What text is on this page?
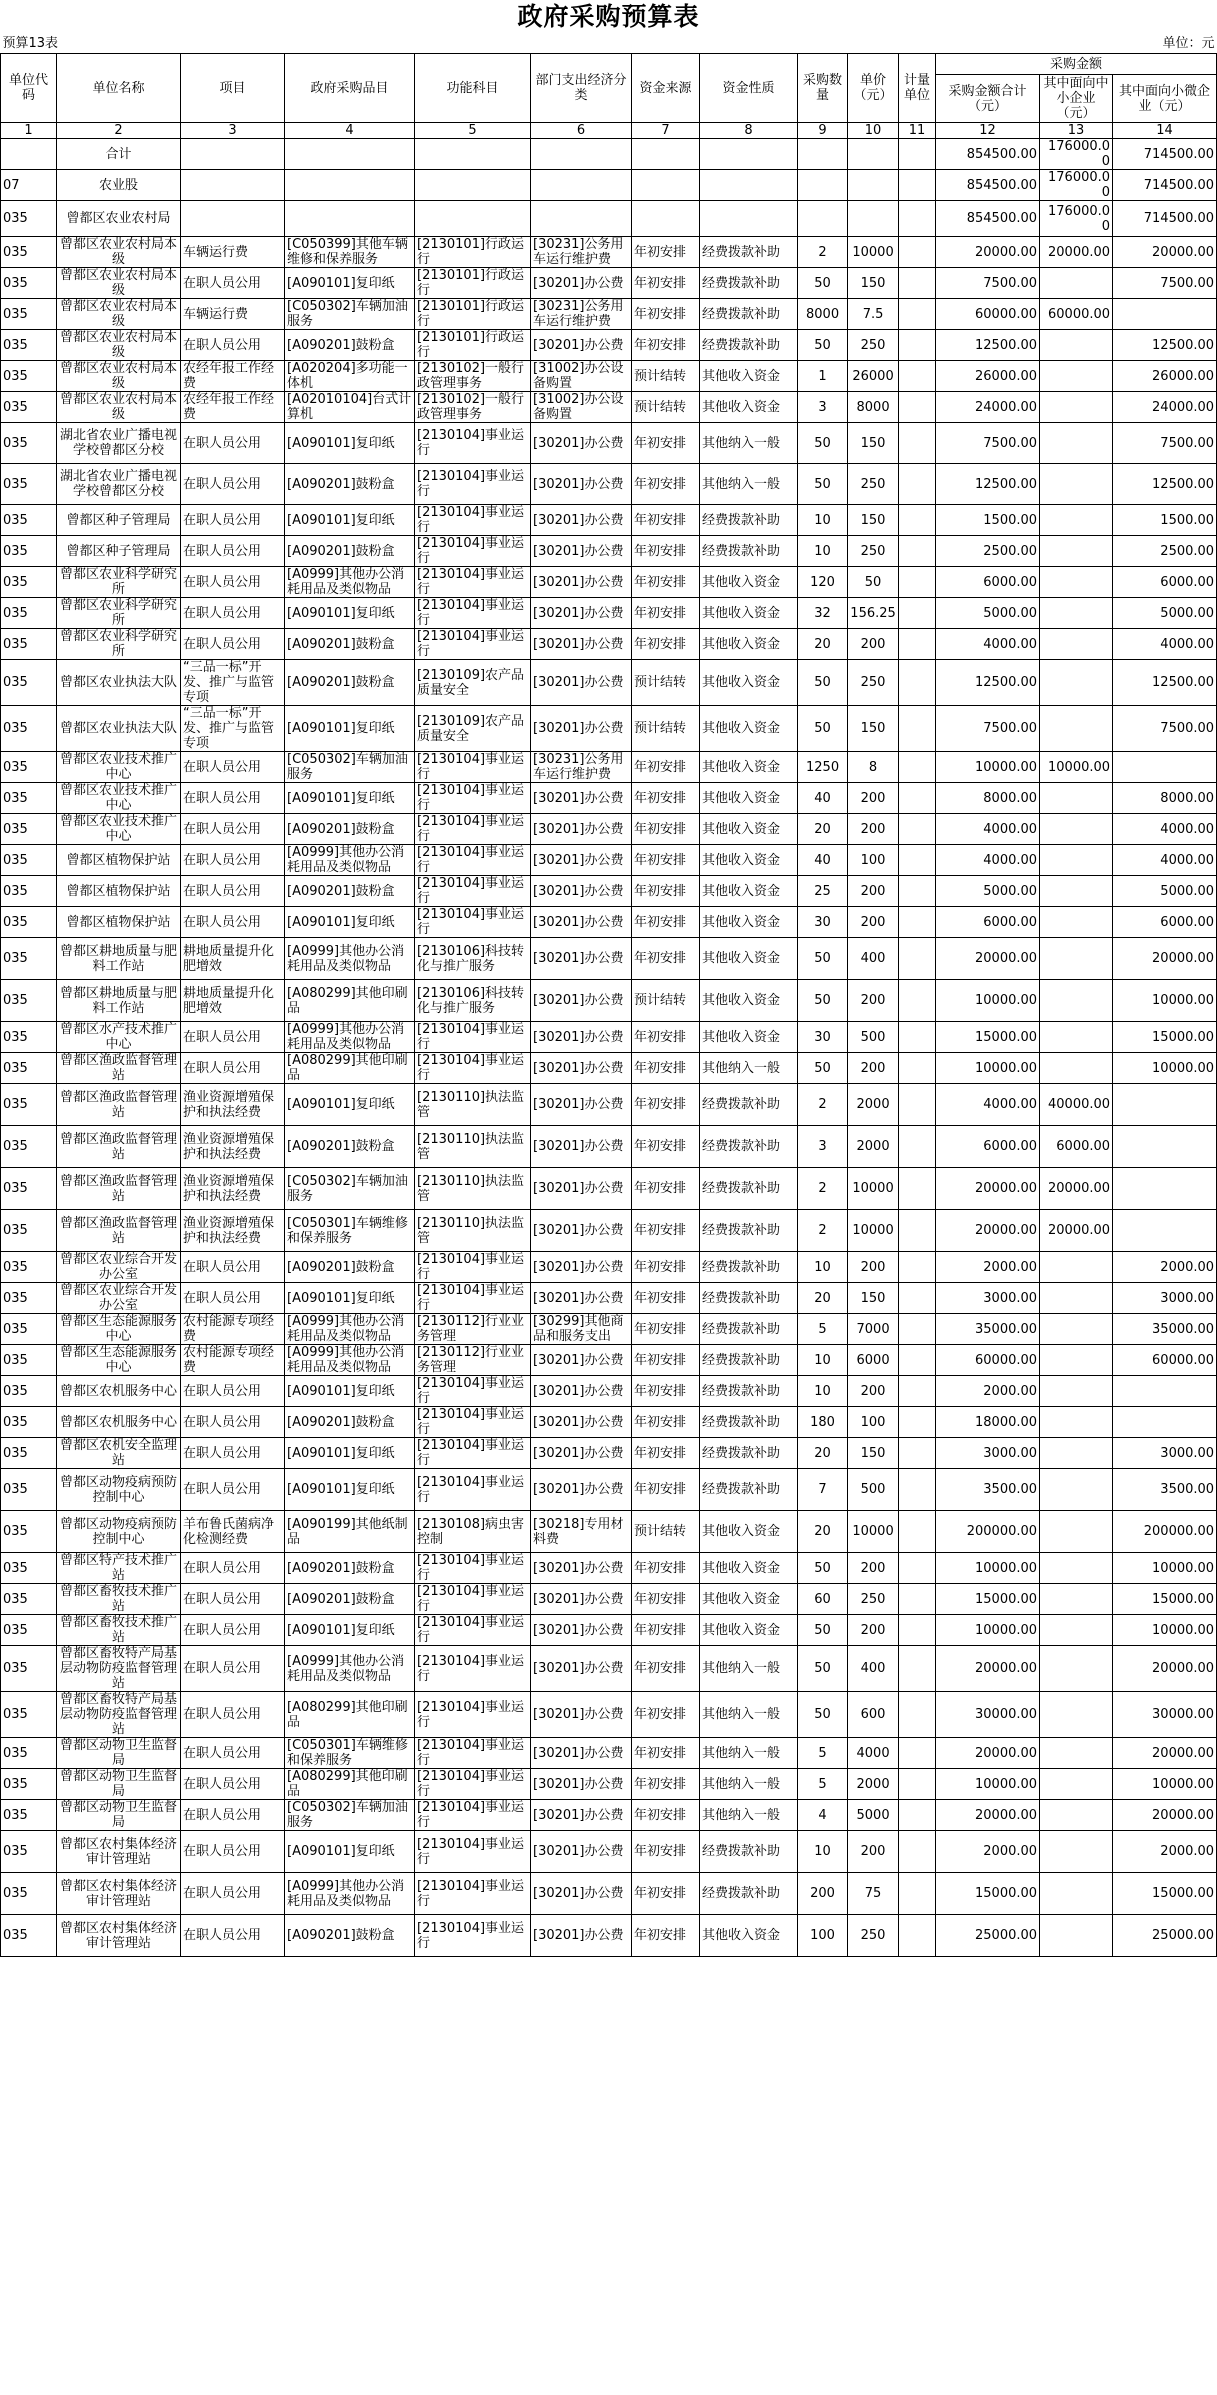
政府采购预算表
预算13表							单位：元						
单位代码	单位名称	项目	政府采购品目	功能科目	部门支出经济分类	资金来源	资金性质	采购数量	单价（元）	计量单位	采购金额		
											采购金额合计（元）	其中面向中小企业（元）	其中面向小微企业（元）
1	2	3	4	5	6	7	8	9	10	11	12	13	14
	合计										854500.00	176000.00	714500.00
07	农业股										854500.00	176000.00	714500.00
035	曾都区农业农村局										854500.00	176000.00	714500.00
035	曾都区农业农村局本级	车辆运行费	[C050399]其他车辆维修和保养服务	[2130101]行政运行	[30231]公务用车运行维护费	年初安排	经费拨款补助	2	10000		20000.00	20000.00	20000.00
035	曾都区农业农村局本级	在职人员公用	[A090101]复印纸	[2130101]行政运行	[30201]办公费	年初安排	经费拨款补助	50	150		7500.00		7500.00
035	曾都区农业农村局本级	车辆运行费	[C050302]车辆加油服务	[2130101]行政运行	[30231]公务用车运行维护费	年初安排	经费拨款补助	8000	7.5		60000.00	60000.00	
035	曾都区农业农村局本级	在职人员公用	[A090201]鼓粉盒	[2130101]行政运行	[30201]办公费	年初安排	经费拨款补助	50	250		12500.00		12500.00
035	曾都区农业农村局本级	农经年报工作经费	[A020204]多功能一体机	[2130102]一般行政管理事务	[31002]办公设备购置	预计结转	其他收入资金	1	26000		26000.00		26000.00
035	曾都区农业农村局本级	农经年报工作经费	[A02010104]台式计算机	[2130102]一般行政管理事务	[31002]办公设备购置	预计结转	其他收入资金	3	8000		24000.00		24000.00
035	湖北省农业广播电视学校曾都区分校	在职人员公用	[A090101]复印纸	[2130104]事业运行	[30201]办公费	年初安排	其他纳入一般	50	150		7500.00		7500.00
035	湖北省农业广播电视学校曾都区分校	在职人员公用	[A090201]鼓粉盒	[2130104]事业运行	[30201]办公费	年初安排	其他纳入一般	50	250		12500.00		12500.00
035	曾都区种子管理局	在职人员公用	[A090101]复印纸	[2130104]事业运行	[30201]办公费	年初安排	经费拨款补助	10	150		1500.00		1500.00
035	曾都区种子管理局	在职人员公用	[A090201]鼓粉盒	[2130104]事业运行	[30201]办公费	年初安排	经费拨款补助	10	250		2500.00		2500.00
035	曾都区农业科学研究所	在职人员公用	[A0999]其他办公消耗用品及类似物品	[2130104]事业运行	[30201]办公费	年初安排	其他收入资金	120	50		6000.00		6000.00
035	曾都区农业科学研究所	在职人员公用	[A090101]复印纸	[2130104]事业运行	[30201]办公费	年初安排	其他收入资金	32	156.25		5000.00		5000.00
035	曾都区农业科学研究所	在职人员公用	[A090201]鼓粉盒	[2130104]事业运行	[30201]办公费	年初安排	其他收入资金	20	200		4000.00		4000.00
035	曾都区农业执法大队	“三品一标”开发、推广与监管专项	[A090201]鼓粉盒	[2130109]农产品质量安全	[30201]办公费	预计结转	其他收入资金	50	250		12500.00		12500.00
035	曾都区农业执法大队	“三品一标”开发、推广与监管专项	[A090101]复印纸	[2130109]农产品质量安全	[30201]办公费	预计结转	其他收入资金	50	150		7500.00		7500.00
035	曾都区农业技术推广中心	在职人员公用	[C050302]车辆加油服务	[2130104]事业运行	[30231]公务用车运行维护费	年初安排	其他收入资金	1250	8		10000.00	10000.00	
035	曾都区农业技术推广中心	在职人员公用	[A090101]复印纸	[2130104]事业运行	[30201]办公费	年初安排	其他收入资金	40	200		8000.00		8000.00
035	曾都区农业技术推广中心	在职人员公用	[A090201]鼓粉盒	[2130104]事业运行	[30201]办公费	年初安排	其他收入资金	20	200		4000.00		4000.00
035	曾都区植物保护站	在职人员公用	[A0999]其他办公消耗用品及类似物品	[2130104]事业运行	[30201]办公费	年初安排	其他收入资金	40	100		4000.00		4000.00
035	曾都区植物保护站	在职人员公用	[A090201]鼓粉盒	[2130104]事业运行	[30201]办公费	年初安排	其他收入资金	25	200		5000.00		5000.00
035	曾都区植物保护站	在职人员公用	[A090101]复印纸	[2130104]事业运行	[30201]办公费	年初安排	其他收入资金	30	200		6000.00		6000.00
035	曾都区耕地质量与肥料工作站	耕地质量提升化肥增效	[A0999]其他办公消耗用品及类似物品	[2130106]科技转化与推广服务	[30201]办公费	年初安排	其他收入资金	50	400		20000.00		20000.00
035	曾都区耕地质量与肥料工作站	耕地质量提升化肥增效	[A080299]其他印刷品	[2130106]科技转化与推广服务	[30201]办公费	预计结转	其他收入资金	50	200		10000.00		10000.00
035	曾都区水产技术推广中心	在职人员公用	[A0999]其他办公消耗用品及类似物品	[2130104]事业运行	[30201]办公费	年初安排	其他收入资金	30	500		15000.00		15000.00
035	曾都区渔政监督管理站	在职人员公用	[A080299]其他印刷品	[2130104]事业运行	[30201]办公费	年初安排	其他纳入一般	50	200		10000.00		10000.00
035	曾都区渔政监督管理站	渔业资源增殖保护和执法经费	[A090101]复印纸	[2130110]执法监管	[30201]办公费	年初安排	经费拨款补助	2	2000		4000.00	40000.00	
035	曾都区渔政监督管理站	渔业资源增殖保护和执法经费	[A090201]鼓粉盒	[2130110]执法监管	[30201]办公费	年初安排	经费拨款补助	3	2000		6000.00	6000.00	
035	曾都区渔政监督管理站	渔业资源增殖保护和执法经费	[C050302]车辆加油服务	[2130110]执法监管	[30201]办公费	年初安排	经费拨款补助	2	10000		20000.00	20000.00	
035	曾都区渔政监督管理站	渔业资源增殖保护和执法经费	[C050301]车辆维修和保养服务	[2130110]执法监管	[30201]办公费	年初安排	经费拨款补助	2	10000		20000.00	20000.00	
035	曾都区农业综合开发办公室	在职人员公用	[A090201]鼓粉盒	[2130104]事业运行	[30201]办公费	年初安排	经费拨款补助	10	200		2000.00		2000.00
035	曾都区农业综合开发办公室	在职人员公用	[A090101]复印纸	[2130104]事业运行	[30201]办公费	年初安排	经费拨款补助	20	150		3000.00		3000.00
035	曾都区生态能源服务中心	农村能源专项经费	[A0999]其他办公消耗用品及类似物品	[2130112]行业业务管理	[30299]其他商品和服务支出	年初安排	经费拨款补助	5	7000		35000.00		35000.00
035	曾都区生态能源服务中心	农村能源专项经费	[A0999]其他办公消耗用品及类似物品	[2130112]行业业务管理	[30201]办公费	年初安排	经费拨款补助	10	6000		60000.00		60000.00
035	曾都区农机服务中心	在职人员公用	[A090101]复印纸	[2130104]事业运行	[30201]办公费	年初安排	经费拨款补助	10	200		2000.00		
035	曾都区农机服务中心	在职人员公用	[A090201]鼓粉盒	[2130104]事业运行	[30201]办公费	年初安排	经费拨款补助	180	100		18000.00		
035	曾都区农机安全监理站	在职人员公用	[A090101]复印纸	[2130104]事业运行	[30201]办公费	年初安排	经费拨款补助	20	150		3000.00		3000.00
035	曾都区动物疫病预防控制中心	在职人员公用	[A090101]复印纸	[2130104]事业运行	[30201]办公费	年初安排	经费拨款补助	7	500		3500.00		3500.00
035	曾都区动物疫病预防控制中心	羊布鲁氏菌病净化检测经费	[A090199]其他纸制品	[2130108]病虫害控制	[30218]专用材料费	预计结转	其他收入资金	20	10000		200000.00		200000.00
035	曾都区特产技术推广站	在职人员公用	[A090201]鼓粉盒	[2130104]事业运行	[30201]办公费	年初安排	其他收入资金	50	200		10000.00		10000.00
035	曾都区畜牧技术推广站	在职人员公用	[A090201]鼓粉盒	[2130104]事业运行	[30201]办公费	年初安排	其他收入资金	60	250		15000.00		15000.00
035	曾都区畜牧技术推广站	在职人员公用	[A090101]复印纸	[2130104]事业运行	[30201]办公费	年初安排	其他收入资金	50	200		10000.00		10000.00
035	曾都区畜牧特产局基层动物防疫监督管理站	在职人员公用	[A0999]其他办公消耗用品及类似物品	[2130104]事业运行	[30201]办公费	年初安排	其他纳入一般	50	400		20000.00		20000.00
035	曾都区畜牧特产局基层动物防疫监督管理站	在职人员公用	[A080299]其他印刷品	[2130104]事业运行	[30201]办公费	年初安排	其他纳入一般	50	600		30000.00		30000.00
035	曾都区动物卫生监督局	在职人员公用	[C050301]车辆维修和保养服务	[2130104]事业运行	[30201]办公费	年初安排	其他纳入一般	5	4000		20000.00		20000.00
035	曾都区动物卫生监督局	在职人员公用	[A080299]其他印刷品	[2130104]事业运行	[30201]办公费	年初安排	其他纳入一般	5	2000		10000.00		10000.00
035	曾都区动物卫生监督局	在职人员公用	[C050302]车辆加油服务	[2130104]事业运行	[30201]办公费	年初安排	其他纳入一般	4	5000		20000.00		20000.00
035	曾都区农村集体经济审计管理站	在职人员公用	[A090101]复印纸	[2130104]事业运行	[30201]办公费	年初安排	经费拨款补助	10	200		2000.00		2000.00
035	曾都区农村集体经济审计管理站	在职人员公用	[A0999]其他办公消耗用品及类似物品	[2130104]事业运行	[30201]办公费	年初安排	经费拨款补助	200	75		15000.00		15000.00
035	曾都区农村集体经济审计管理站	在职人员公用	[A090201]鼓粉盒	[2130104]事业运行	[30201]办公费	年初安排	其他收入资金	100	250		25000.00		25000.00
